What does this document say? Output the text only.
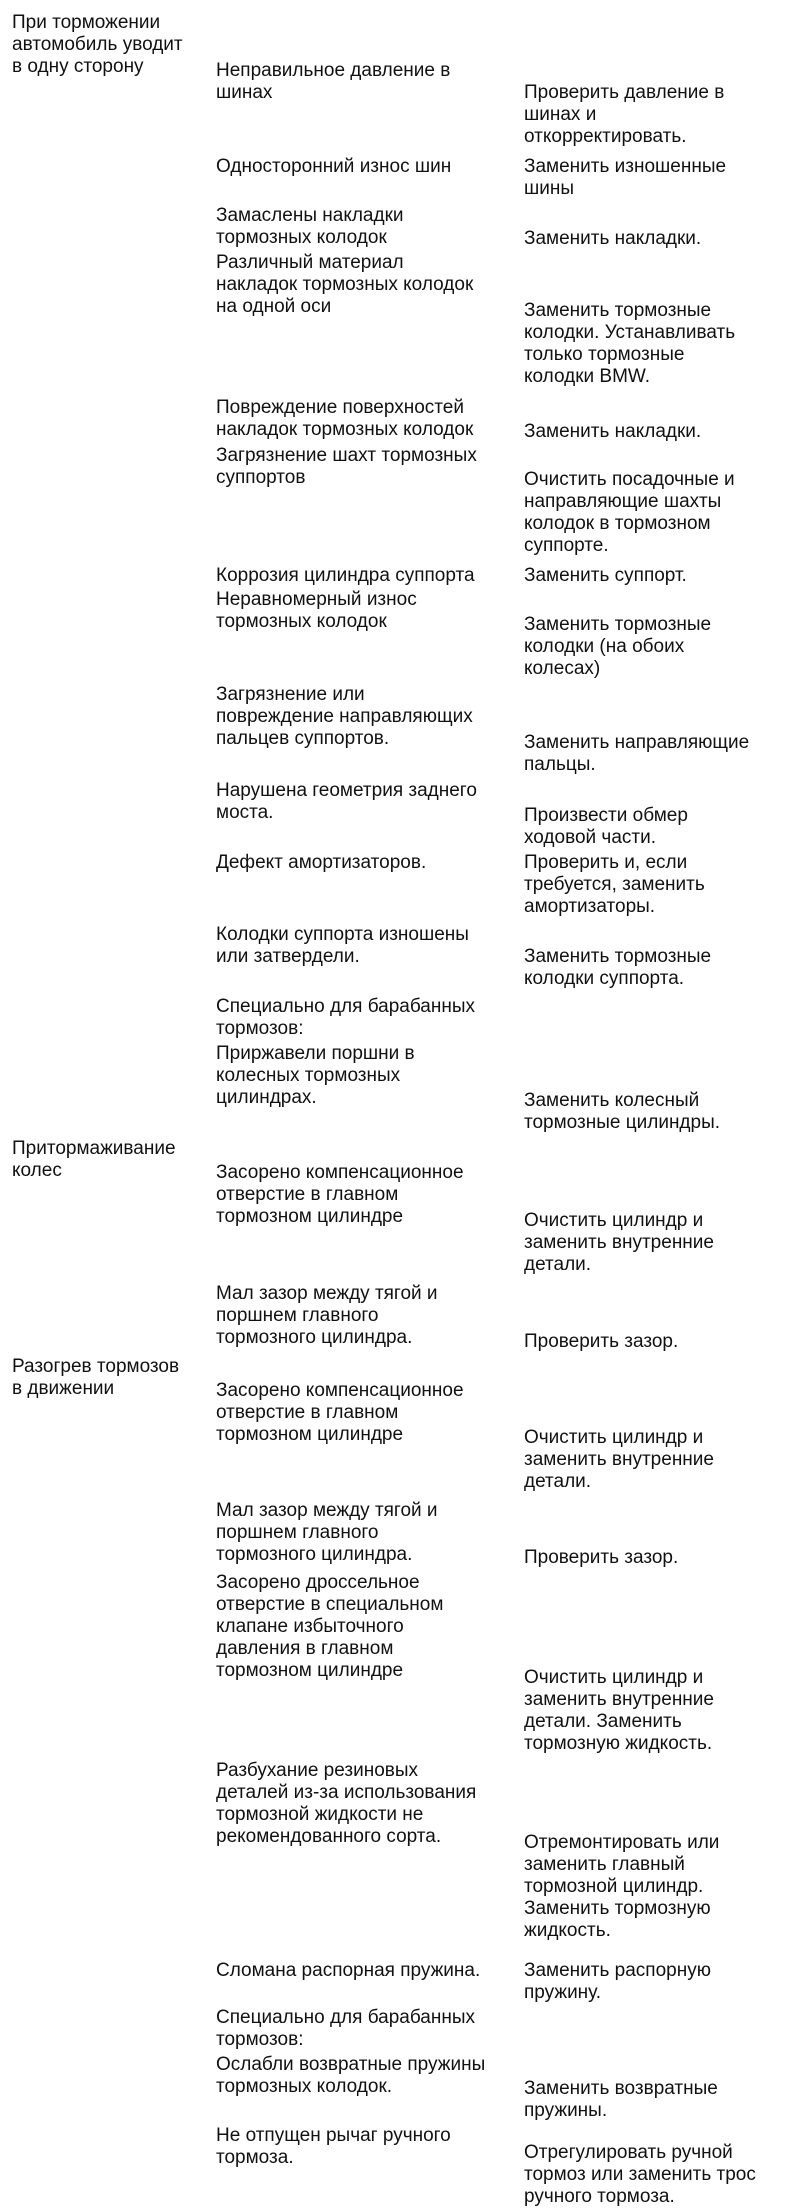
При торможении
автомобиль уводит
в одну сторону

Притормаживание
колес

Разогрев тормозов
в движении

Неправильное давление в
шинах

Односторонний износ шин

Замаслены накладки
тормозных колодок

Различный материал
накладок тормозных колодок
на одной оси

Повреждение поверхностей
накладок тормозных колодок

Загрязнение шахт тормозных
суппортов

Коррозия цилиндра суппорта

Неравномерный износ
тормозных колодок

Загрязнение или
повреждение направляющих
пальцев суппортов.

Нарушена геометрия заднего
моста.

Дефект амортизаторов.

Колодки суппорта изношены
или затвердели.

Специально для барабанных
тормозов:

Приржавели поршни в
колесных тормозных
цилиндрах.

Засорено компенсационное
отверстие в главном
тормозном цилиндре

Мал зазор между тягой и
поршнем главного
тормозного цилиндра.

Засорено компенсационное
отверстие в главном
тормозном цилиндре

Мал зазор между тягой и
поршнем главного
тормозного цилиндра.

Засорено дроссельное
отверстие в специальном
клапане избыточного
давления в главном
тормозном цилиндре

Разбухание резиновых
деталей из-за использования
тормозной жидкости не
рекомендованного сорта.

Сломана распорная пружина.

Специально для барабанных
тормозов:

Ослабли возвратные пружины
тормозных колодок.

Не отпущен рычаг ручного
тормоза.

Проверить давление в
шинах и
откорректировать.

Заменить изношенные
шины

Заменить накладки.

Заменить тормозные
колодки. Устанавливать
только тормозные
колодки BMW.

Заменить накладки.

Очистить посадочные и
направляющие шахты
колодок в тормозном
суппорте.

Заменить суппорт.

Заменить тормозные
колодки (на обоих
колесах)

Заменить направляющие
пальцы.

Произвести обмер
ходовой части.

Проверить и, если
требуется, заменить
амортизаторы.

Заменить тормозные
колодки суппорта.

Заменить колесный
тормозные цилиндры.

Очистить цилиндр и
заменить внутренние
детали.

Проверить зазор.

Очистить цилиндр и
заменить внутренние
детали.

Проверить зазор.

Очистить цилиндр и
заменить внутренние
детали. Заменить
тормозную жидкость.

Отремонтировать или
заменить главный
тормозной цилиндр.
Заменить тормозную
жидкость.

Заменить распорную
пружину.

Заменить возвратные
пружины.

Отрегулировать ручной
тормоз или заменить трос
ручного тормоза.
